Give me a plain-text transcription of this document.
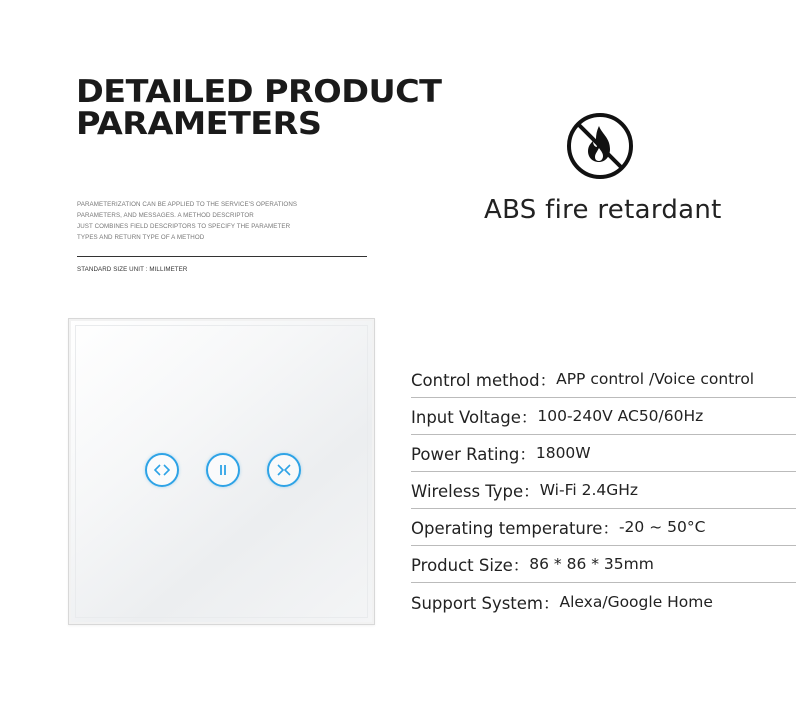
DETAILED PRODUCT
PARAMETERS
PARAMETERIZATION CAN BE APPLIED TO THE SERVICE'S OPERATIONS
PARAMETERS, AND MESSAGES. A METHOD DESCRIPTOR
JUST COMBINES FIELD DESCRIPTORS TO SPECIFY THE PARAMETER
TYPES AND RETURN TYPE OF A METHOD
STANDARD SIZE UNIT : MILLIMETER
ABS fire retardant
Control method： APP control /Voice control
Input Voltage： 100-240V AC50/60Hz
Power Rating： 1800W
Wireless Type： Wi-Fi 2.4GHz
Operating temperature： -20 ~ 50°C
Product Size： 86 * 86 * 35mm
Support System： Alexa/Google Home
